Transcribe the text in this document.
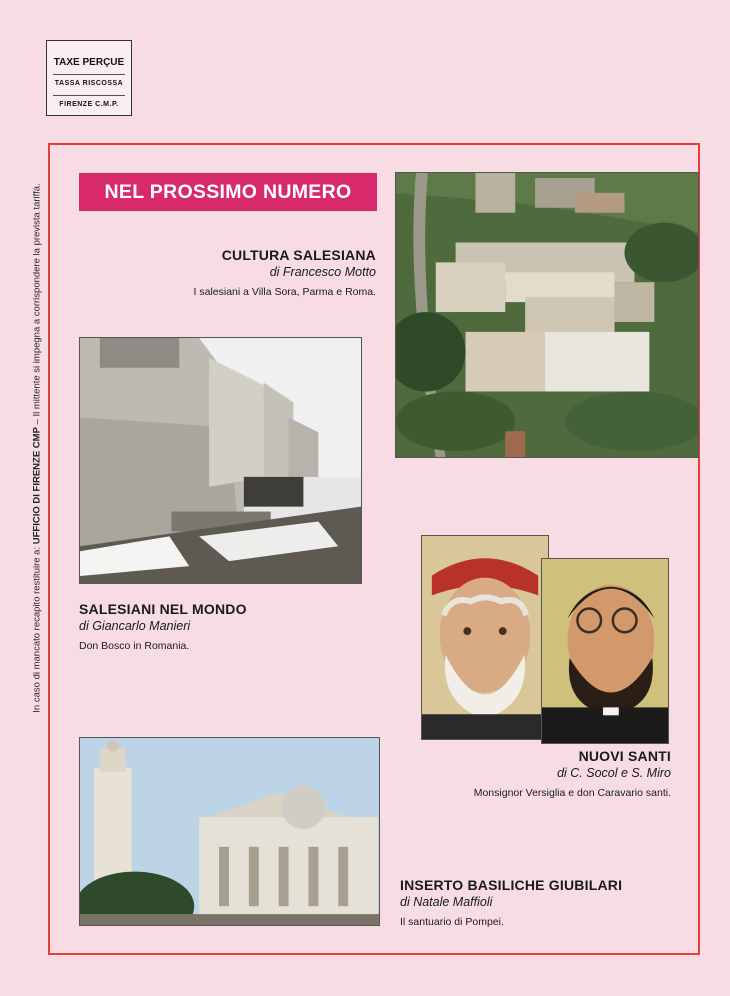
TAXE PERÇUE
TASSA RISCOSSA
FIRENZE C.M.P.
In caso di mancato recapito restituire a: UFFICIO DI FIRENZE CMP – Il mittente si impegna a corrispondere la prevista tariffa.	NEL PROSSIMO NUMERO
CULTURA SALESIANA
di Francesco Motto
I salesiani a Villa Sora, Parma e Roma.
SALESIANI NEL MONDO
di Giancarlo Manieri
Don Bosco in Romania.
NUOVI SANTI
di C. Socol e S. Miro
Monsignor Versiglia e don Caravario santi.
INSERTO BASILICHE GIUBILARI
di Natale Maffioli
Il santuario di Pompei.
